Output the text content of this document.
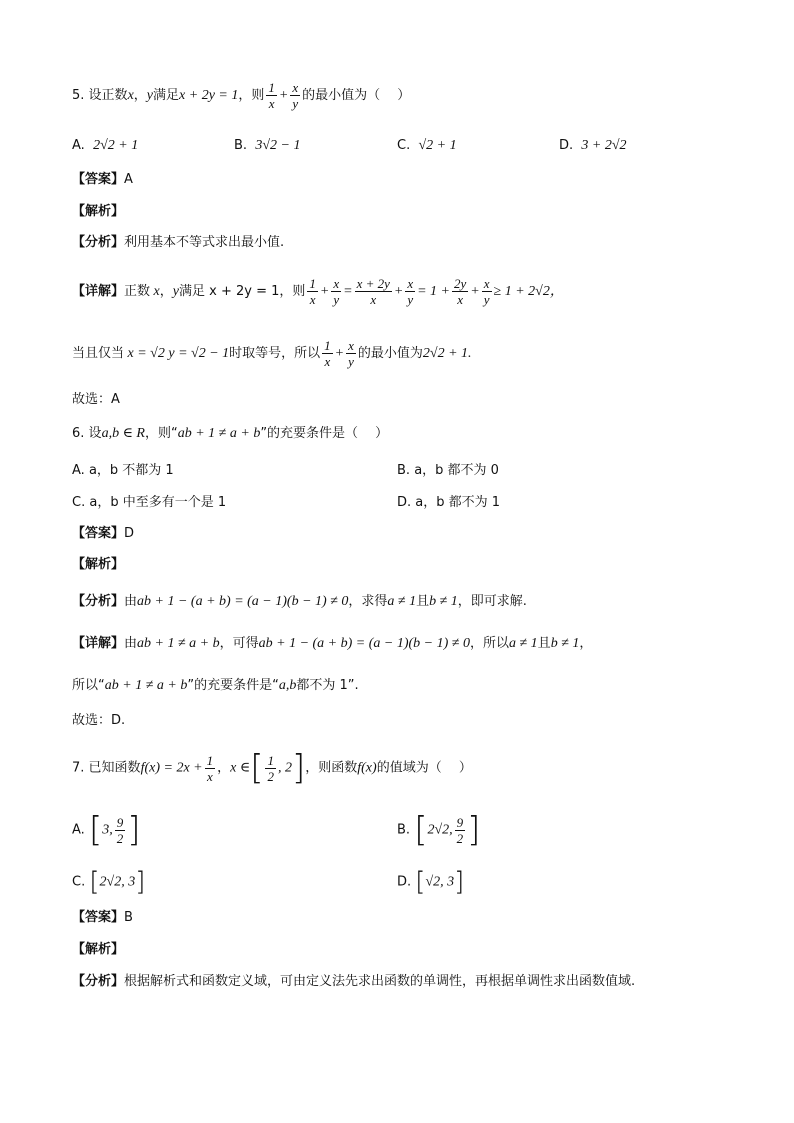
5. 设正数x，y满足x + 2y = 1，则 $\frac{1}{x} + \frac{x}{y}$ 的最小值为（　 ）
A. 2√2 + 1	B. 3√2 − 1	C. √2 + 1	D. 3 + 2√2
【答案】A
【解析】
【分析】利用基本不等式求出最小值.
【详解】正数 x，y满足 x + 2y = 1，则 $\frac{1}{x} + \frac{x}{y} = \frac{x + 2y}{x} + \frac{x}{y} = 1 + \frac{2y}{x} + \frac{x}{y} \ge 1 + 2√2$，
当且仅当 x = √2 y = √2 − 1时取等号，所以 $\frac{1}{x} + \frac{x}{y}$ 的最小值为2√2 + 1.
故选：A
6. 设a,b ∈ R，则“ab + 1 ≠ a + b”的充要条件是（　 ）
A. a，b 不都为 1	B. a，b 都不为 0
C. a，b 中至多有一个是 1	D. a，b 都不为 1
【答案】D
【解析】
【分析】由ab + 1 − (a + b) = (a − 1)(b − 1) ≠ 0，求得a ≠ 1且b ≠ 1，即可求解.
【详解】由ab + 1 ≠ a + b，可得ab + 1 − (a + b) = (a − 1)(b − 1) ≠ 0，所以a ≠ 1且b ≠ 1，
所以“ab + 1 ≠ a + b”的充要条件是“a,b都不为 1”.
故选：D.
7. 已知函数$f(x) = 2x + \frac{1}{x}$ ，x ∈[ $\frac{1}{2}$ , 2]，则函数f(x)的值域为（　 ）
A. [3, $\frac{9}{2}$ ]	B. [2√2, $\frac{9}{2}$ ]
C. [2√2, 3]	D. [√2, 3]
【答案】B
【解析】
【分析】根据解析式和函数定义域，可由定义法先求出函数的单调性，再根据单调性求出函数值域.
